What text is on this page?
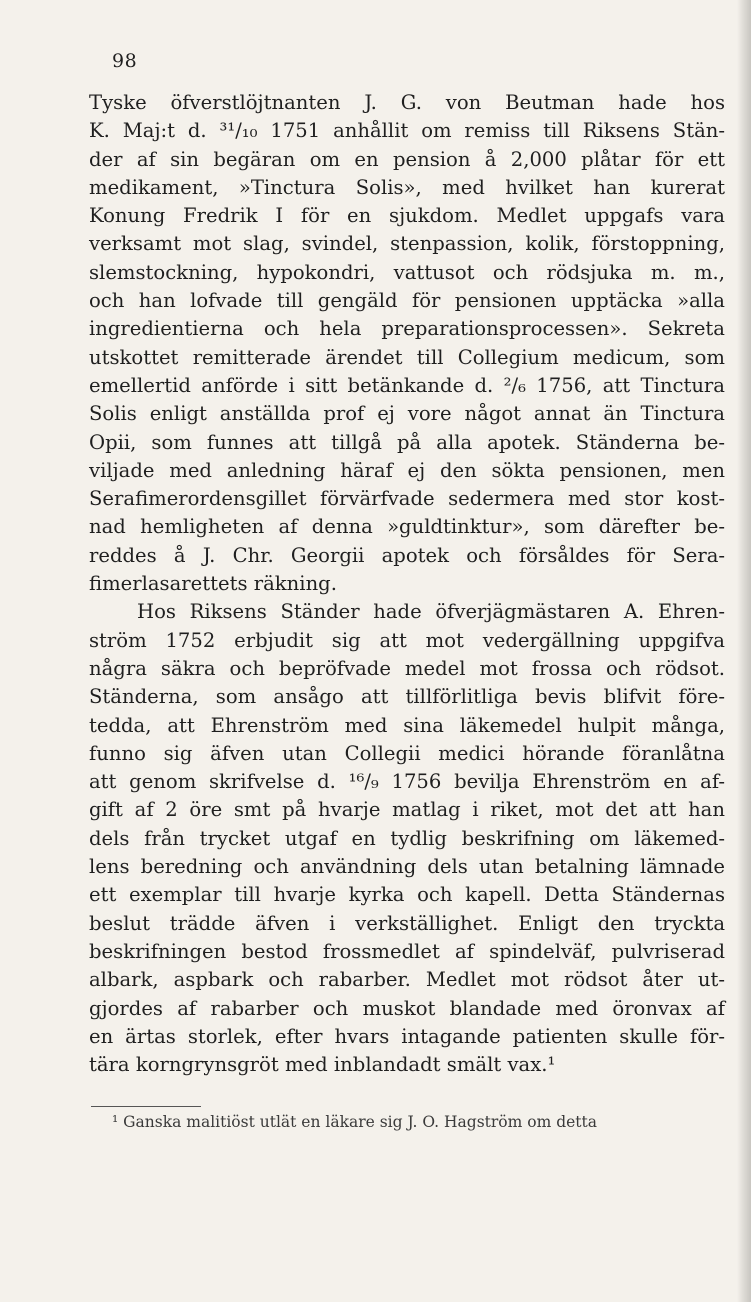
98
Tyske öfverstlöjtnanten J. G. von Beutman hade hos
K. Maj:t d. ³¹/₁₀ 1751 anhållit om remiss till Riksens Stän-
der af sin begäran om en pension å 2,000 plåtar för ett
medikament, »Tinctura Solis», med hvilket han kurerat
Konung Fredrik I för en sjukdom. Medlet uppgafs vara
verksamt mot slag, svindel, stenpassion, kolik, förstoppning,
slemstockning, hypokondri, vattusot och rödsjuka m. m.,
och han lofvade till gengäld för pensionen upptäcka »alla
ingredientierna och hela preparationsprocessen». Sekreta
utskottet remitterade ärendet till Collegium medicum, som
emellertid anförde i sitt betänkande d. ²/₆ 1756, att Tinctura
Solis enligt anställda prof ej vore något annat än Tinctura
Opii, som funnes att tillgå på alla apotek. Ständerna be-
viljade med anledning häraf ej den sökta pensionen, men
Serafimerordensgillet förvärfvade sedermera med stor kost-
nad hemligheten af denna »guldtinktur», som därefter be-
reddes å J. Chr. Georgii apotek och försåldes för Sera-
fimerlasarettets räkning.
Hos Riksens Ständer hade öfverjägmästaren A. Ehren-
ström 1752 erbjudit sig att mot vedergällning uppgifva
några säkra och bepröfvade medel mot frossa och rödsot.
Ständerna, som ansågo att tillförlitliga bevis blifvit före-
tedda, att Ehrenström med sina läkemedel hulpit många,
funno sig äfven utan Collegii medici hörande föranlåtna
att genom skrifvelse d. ¹⁶/₉ 1756 bevilja Ehrenström en af-
gift af 2 öre smt på hvarje matlag i riket, mot det att han
dels från trycket utgaf en tydlig beskrifning om läkemed-
lens beredning och användning dels utan betalning lämnade
ett exemplar till hvarje kyrka och kapell. Detta Ständernas
beslut trädde äfven i verkställighet. Enligt den tryckta
beskrifningen bestod frossmedlet af spindelväf, pulvriserad
albark, aspbark och rabarber. Medlet mot rödsot åter ut-
gjordes af rabarber och muskot blandade med öronvax af
en ärtas storlek, efter hvars intagande patienten skulle för-
tära korngrynsgröt med inblandadt smält vax.¹
¹ Ganska malitiöst utlät en läkare sig J. O. Hagström om detta
